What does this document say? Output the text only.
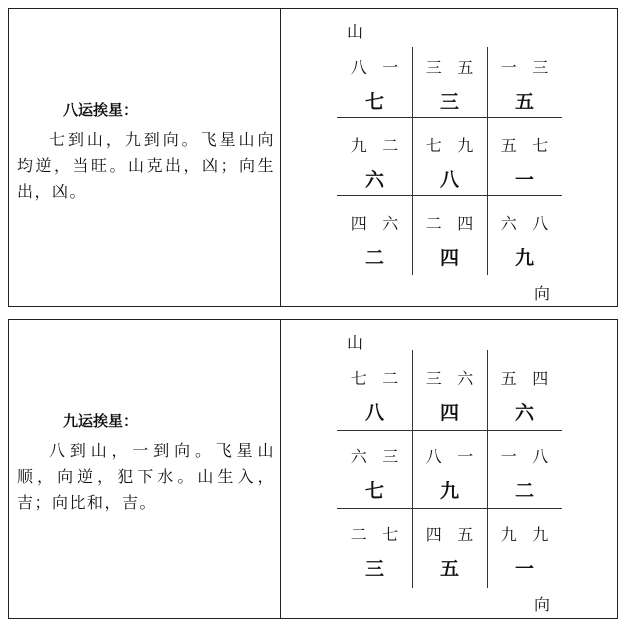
八运挨星：
七到山，九到向。飞星山向均逆，当旺。山克出，凶；向生出，凶。
山
八 一
七
三 五
三
一 三
五
九 二
六
七 九
八
五 七
一
四 六
二
二 四
四
六 八
九
向
九运挨星：
八到山，一到向。飞星山顺，向逆，犯下水。山生入，吉；向比和，吉。
山
七 二
八
三 六
四
五 四
六
六 三
七
八 一
九
一 八
二
二 七
三
四 五
五
九 九
一
向
